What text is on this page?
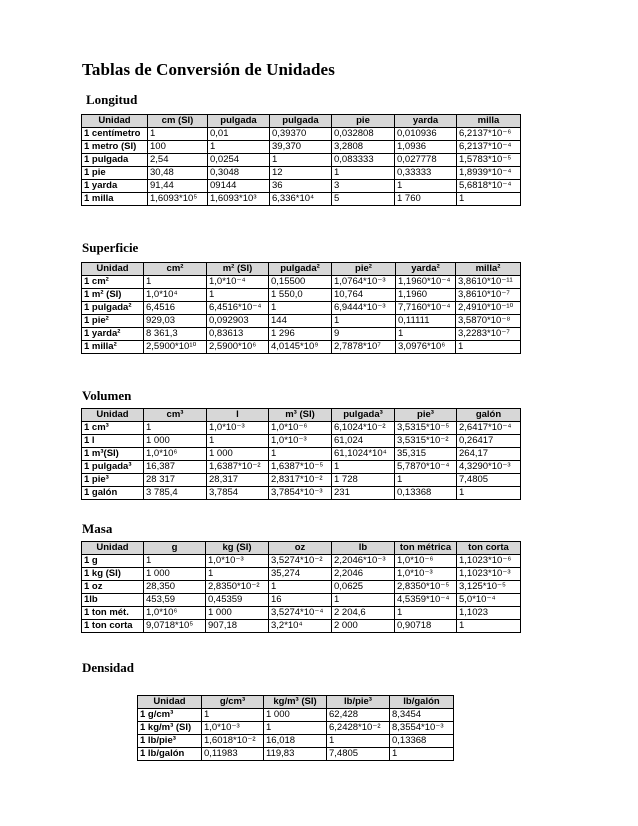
Tablas de Conversión de Unidades
Longitud
Unidad	cm (SI)	pulgada	pulgada	pie	yarda	milla
1 centímetro	1	0,01	0,39370	0,032808	0,010936	6,2137*10⁻⁶
1 metro (SI)	100	1	39,370	3,2808	1,0936	6,2137*10⁻⁴
1 pulgada	2,54	0,0254	1	0,083333	0,027778	1,5783*10⁻⁵
1 pie	30,48	0,3048	12	1	0,33333	1,8939*10⁻⁴
1 yarda	91,44	09144	36	3	1	5,6818*10⁻⁴
1 milla	1,6093*10⁵	1,6093*10³	6,336*10⁴	5	1 760	1
Superficie
Unidad	cm²	m² (SI)	pulgada²	pie²	yarda²	milla²
1 cm²	1	1,0*10⁻⁴	0,15500	1,0764*10⁻³	1,1960*10⁻⁴	3,8610*10⁻¹¹
1 m² (SI)	1,0*10⁴	1	1 550,0	10,764	1,1960	3,8610*10⁻⁷
1 pulgada²	6,4516	6,4516*10⁻⁴	1	6,9444*10⁻³	7,7160*10⁻⁴	2,4910*10⁻¹⁰
1 pie²	929,03	0,092903	144	1	0,11111	3,5870*10⁻⁸
1 yarda²	8 361,3	0,83613	1 296	9	1	3,2283*10⁻⁷
1 milla²	2,5900*10¹⁰	2,5900*10⁶	4,0145*10⁹	2,7878*10⁷	3,0976*10⁶	1
Volumen
Unidad	cm³	l	m³ (SI)	pulgada³	pie³	galón
1 cm³	1	1,0*10⁻³	1,0*10⁻⁶	6,1024*10⁻²	3,5315*10⁻⁵	2,6417*10⁻⁴
1 l	1 000	1	1,0*10⁻³	61,024	3,5315*10⁻²	0,26417
1 m³(SI)	1,0*10⁶	1 000	1	61,1024*10⁴	35,315	264,17
1 pulgada³	16,387	1,6387*10⁻²	1,6387*10⁻⁵	1	5,7870*10⁻⁴	4,3290*10⁻³
1 pie³	28 317	28,317	2,8317*10⁻²	1 728	1	7,4805
1 galón	3 785,4	3,7854	3,7854*10⁻³	231	0,13368	1
Masa
Unidad	g	kg (SI)	oz	lb	ton métrica	ton corta
1 g	1	1,0*10⁻³	3,5274*10⁻²	2,2046*10⁻³	1,0*10⁻⁶	1,1023*10⁻⁶
1 kg (SI)	1 000	1	35,274	2,2046	1,0*10⁻³	1,1023*10⁻³
1 oz	28,350	2,8350*10⁻²	1	0,0625	2,8350*10⁻⁵	3,125*10⁻⁵
1lb	453,59	0,45359	16	1	4,5359*10⁻⁴	5,0*10⁻⁴
1 ton mét.	1,0*10⁶	1 000	3,5274*10⁻⁴	2 204,6	1	1,1023
1 ton corta	9,0718*10⁵	907,18	3,2*10⁴	2 000	0,90718	1
Densidad
Unidad	g/cm³	kg/m³ (SI)	lb/pie³	lb/galón
1 g/cm³	1	1 000	62,428	8,3454
1 kg/m³ (SI)	1,0*10⁻³	1	6,2428*10⁻²	8,3554*10⁻³
1 lb/pie³	1,6018*10⁻²	16,018	1	0,13368
1 lb/galón	0,11983	119,83	7,4805	1
